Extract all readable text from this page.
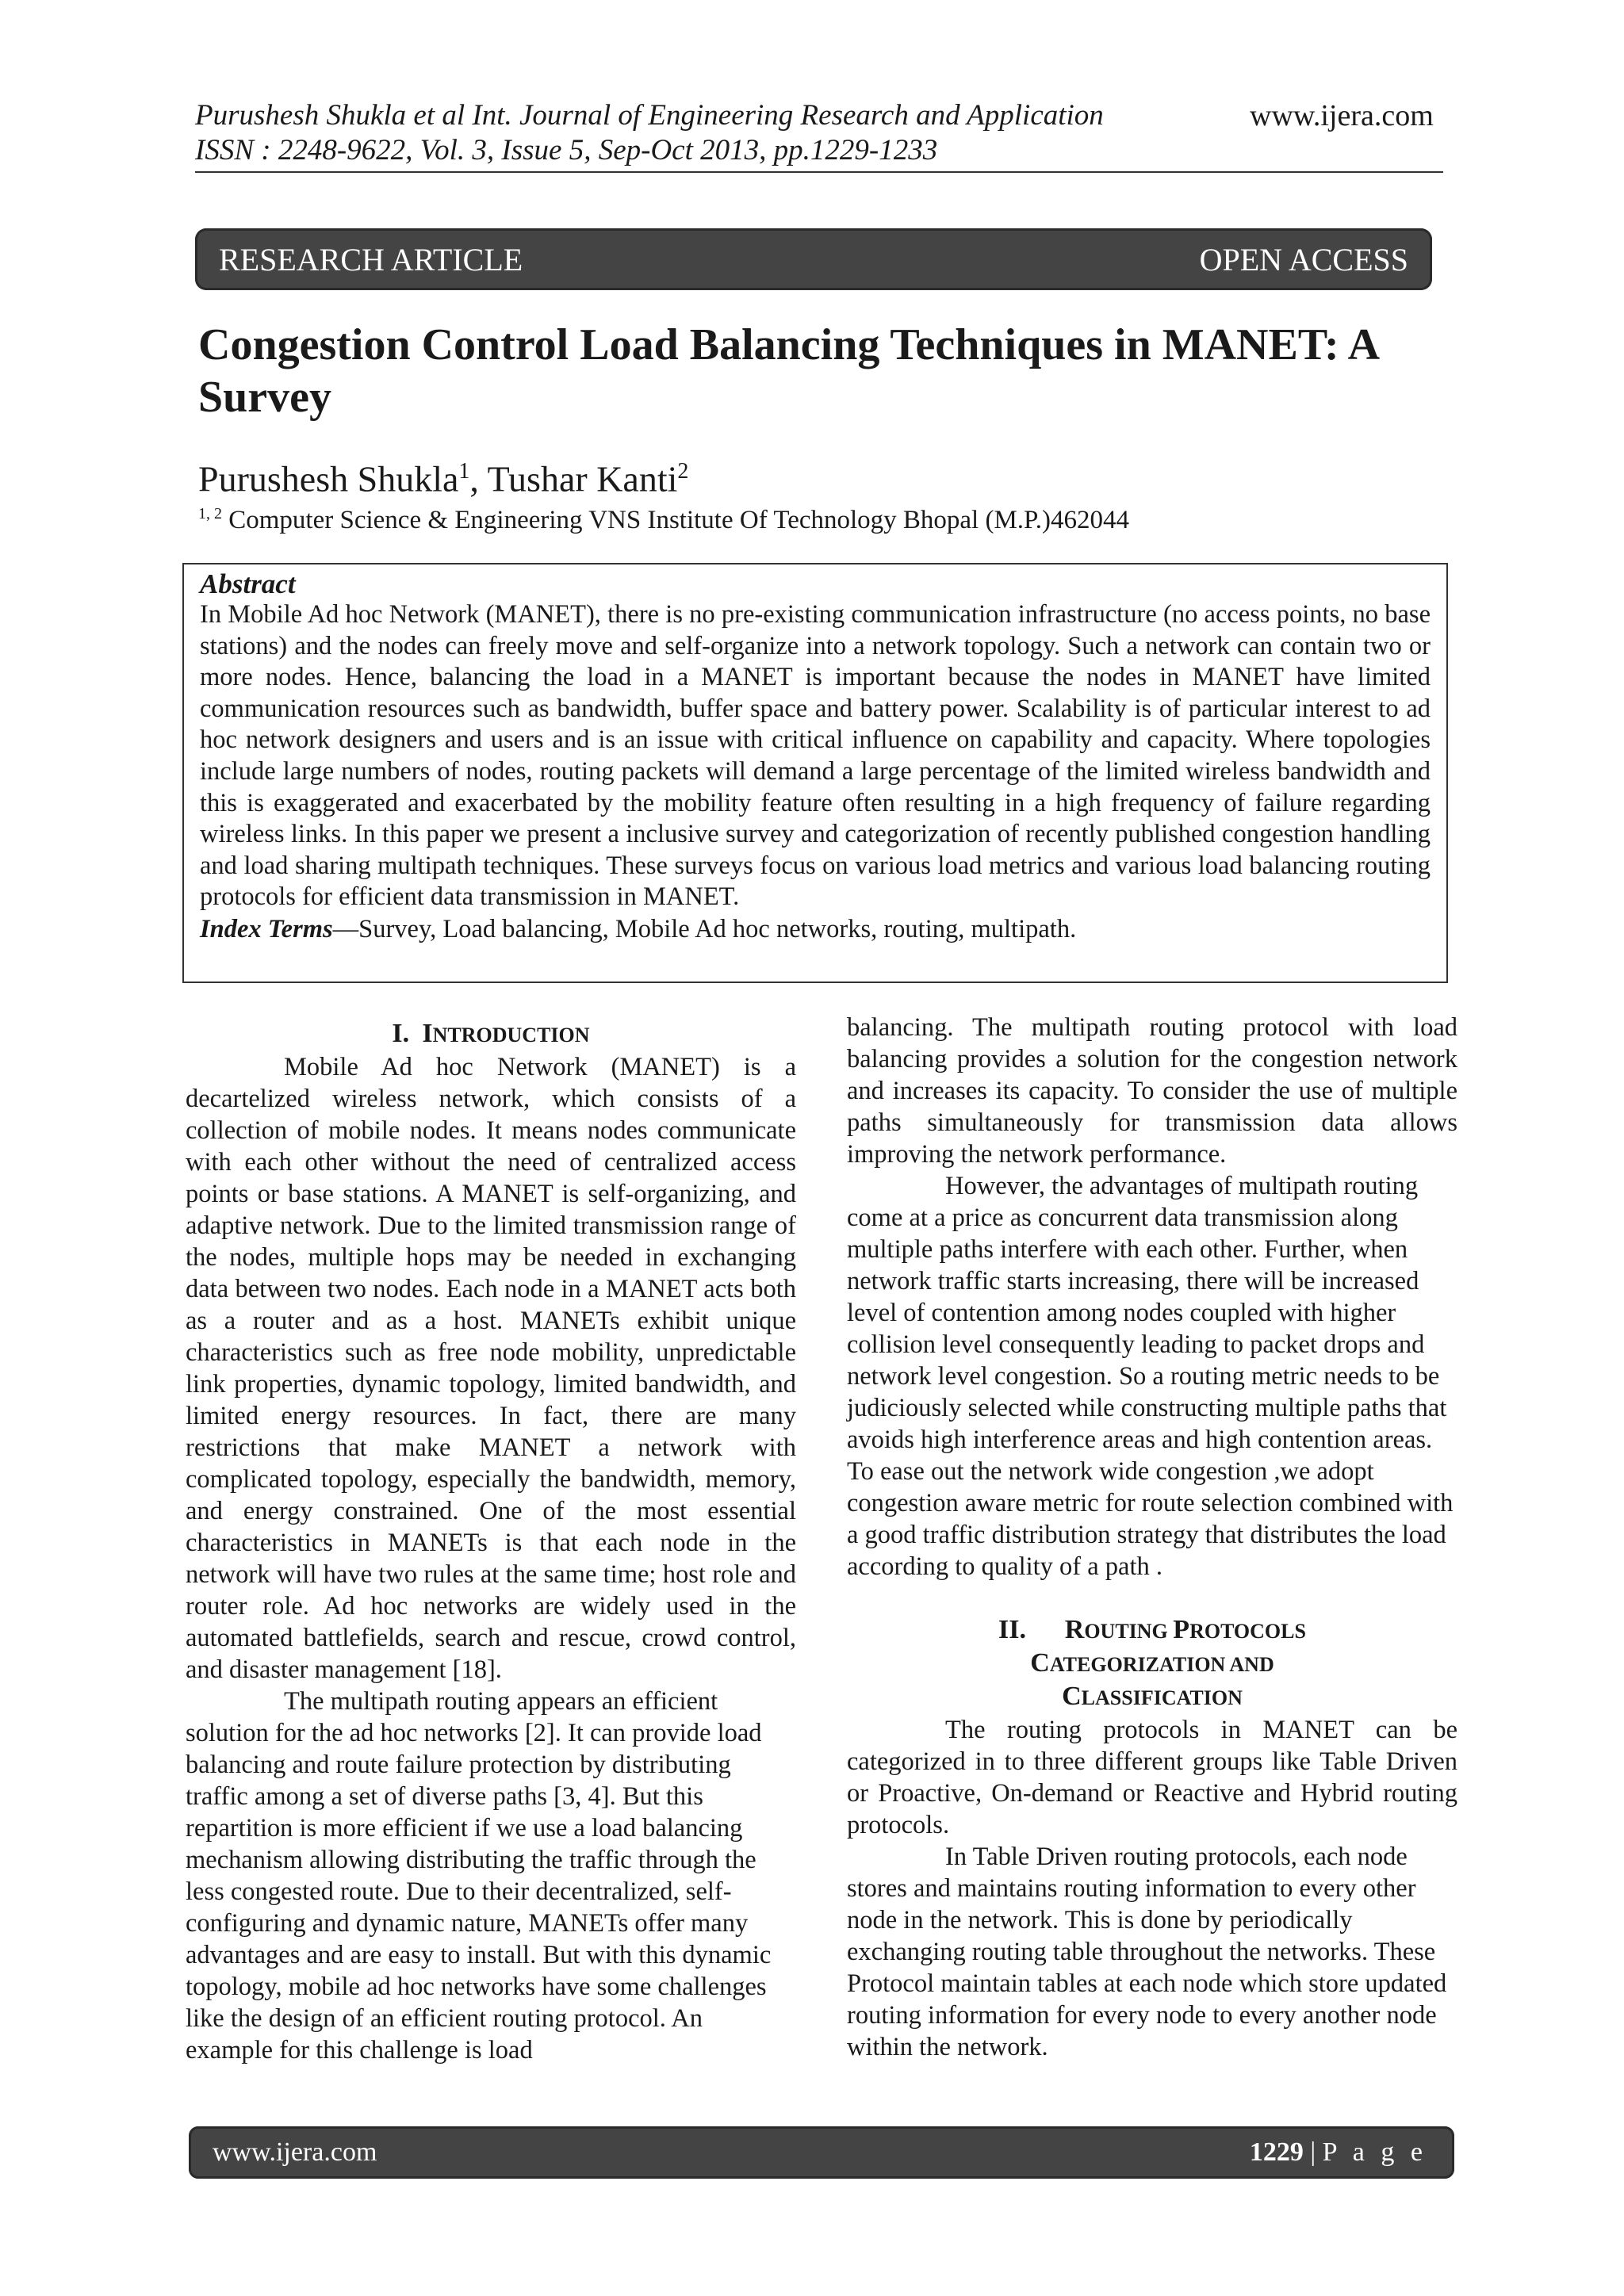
Purushesh Shukla et al Int. Journal of Engineering Research and Application
ISSN : 2248-9622, Vol. 3, Issue 5, Sep-Oct 2013, pp.1229-1233
www.ijera.com
RESEARCH ARTICLE	OPEN ACCESS
Congestion Control Load Balancing Techniques in MANET: A Survey
Purushesh Shukla$^1$, Tushar Kanti$^2$
$^{1, 2}$ Computer Science & Engineering VNS Institute Of Technology Bhopal (M.P.)462044
Abstract

In Mobile Ad hoc Network (MANET), there is no pre-existing communication infrastructure (no access points, no base stations) and the nodes can freely move and self-organize into a network topology. Such a network can contain two or more nodes. Hence, balancing the load in a MANET is important because the nodes in MANET have limited communication resources such as bandwidth, buffer space and battery power. Scalability is of particular interest to ad hoc network designers and users and is an issue with critical influence on capability and capacity. Where topologies include large numbers of nodes, routing packets will demand a large percentage of the limited wireless bandwidth and this is exaggerated and exacerbated by the mobility feature often resulting in a high frequency of failure regarding wireless links. In this paper we present a inclusive survey and categorization of recently published congestion handling and load sharing multipath techniques. These surveys focus on various load metrics and various load balancing routing protocols for efficient data transmission in MANET.

Index Terms—Survey, Load balancing, Mobile Ad hoc networks, routing, multipath.
I. INTRODUCTION

Mobile Ad hoc Network (MANET) is a decartelized wireless network, which consists of a collection of mobile nodes. It means nodes communicate with each other without the need of centralized access points or base stations. A MANET is self-organizing, and adaptive network. Due to the limited transmission range of the nodes, multiple hops may be needed in exchanging data between two nodes. Each node in a MANET acts both as a router and as a host. MANETs exhibit unique characteristics such as free node mobility, unpredictable link properties, dynamic topology, limited bandwidth, and limited energy resources. In fact, there are many restrictions that make MANET a network with complicated topology, especially the bandwidth, memory, and energy constrained. One of the most essential characteristics in MANETs is that each node in the network will have two rules at the same time; host role and router role. Ad hoc networks are widely used in the automated battlefields, search and rescue, crowd control, and disaster management [18].

The multipath routing appears an efficient solution for the ad hoc networks [2]. It can provide load balancing and route failure protection by distributing traffic among a set of diverse paths [3, 4]. But this repartition is more efficient if we use a load balancing mechanism allowing distributing the traffic through the less congested route. Due to their decentralized, self-configuring and dynamic nature, MANETs offer many advantages and are easy to install. But with this dynamic topology, mobile ad hoc networks have some challenges like the design of an efficient routing protocol. An example for this challenge is load

balancing. The multipath routing protocol with load balancing provides a solution for the congestion network and increases its capacity. To consider the use of multiple paths simultaneously for transmission data allows improving the network performance.

However, the advantages of multipath routing come at a price as concurrent data transmission along multiple paths interfere with each other. Further, when network traffic starts increasing, there will be increased level of contention among nodes coupled with higher collision level consequently leading to packet drops and network level congestion. So a routing metric needs to be judiciously selected while constructing multiple paths that avoids high interference areas and high contention areas. To ease out the network wide congestion ,we adopt congestion aware metric for route selection combined with a good traffic distribution strategy that distributes the load according to quality of a path .

II. ROUTING PROTOCOLS
CATEGORIZATION AND
CLASSIFICATION

The routing protocols in MANET can be categorized in to three different groups like Table Driven or Proactive, On-demand or Reactive and Hybrid routing protocols.

In Table Driven routing protocols, each node stores and maintains routing information to every other node in the network. This is done by periodically exchanging routing table throughout the networks. These Protocol maintain tables at each node which store updated routing information for every node to every another node within the network.

www.ijera.com	1229 | P a g e
